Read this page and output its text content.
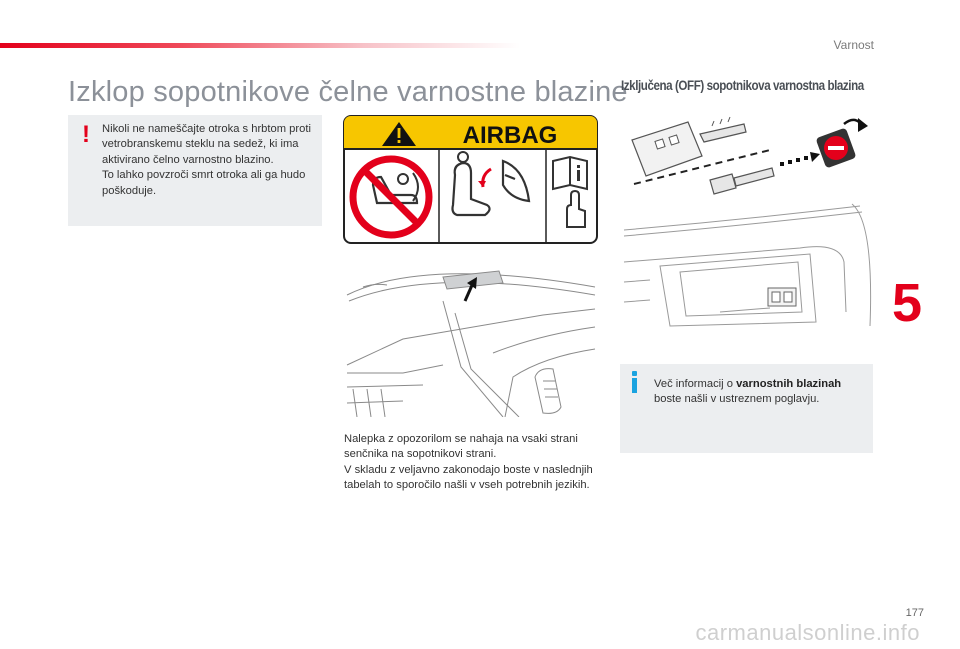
Varnost
5
Izklop sopotnikove čelne varnostne blazine
! Nikoli ne nameščajte otroka s hrbtom proti vetrobranskemu steklu na sedež, ki ima aktivirano čelno varnostno blazino.

To lahko povzroči smrt otroka ali ga hudo poškoduje.

AIRBAG

Nalepka z opozorilom se nahaja na vsaki strani senčnika na sopotnikovi strani.

V skladu z veljavno zakonodajo boste v naslednjih tabelah to sporočilo našli v vseh potrebnih jezikih.

Izključena (OFF) sopotnikova varnostna blazina
Več informacij o varnostnih blazinah boste našli v ustreznem poglavju.
177
carmanualsonline.info
